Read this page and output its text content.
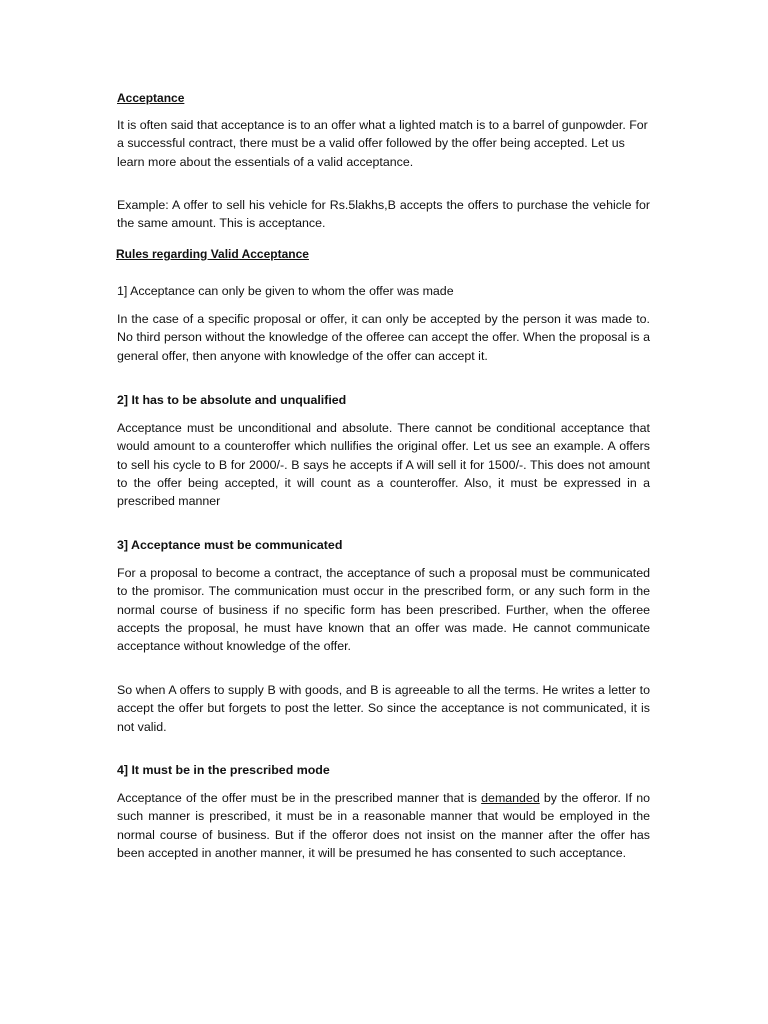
Acceptance

It is often said that acceptance is to an offer what a lighted match is to a barrel of gunpowder. For a successful contract, there must be a valid offer followed by the offer being accepted. Let us learn more about the essentials of a valid acceptance.

Example: A offer to sell his vehicle for Rs.5lakhs,B accepts the offers to purchase the vehicle for the same amount. This is acceptance.

Rules regarding Valid Acceptance

1] Acceptance can only be given to whom the offer was made

In the case of a specific proposal or offer, it can only be accepted by the person it was made to. No third person without the knowledge of the offeree can accept the offer. When the proposal is a general offer, then anyone with knowledge of the offer can accept it.

2] It has to be absolute and unqualified

Acceptance must be unconditional and absolute. There cannot be conditional acceptance that would amount to a counteroffer which nullifies the original offer. Let us see an example. A offers to sell his cycle to B for 2000/-. B says he accepts if A will sell it for 1500/-. This does not amount to the offer being accepted, it will count as a counteroffer. Also, it must be expressed in a prescribed manner

3] Acceptance must be communicated

For a proposal to become a contract, the acceptance of such a proposal must be communicated to the promisor. The communication must occur in the prescribed form, or any such form in the normal course of business if no specific form has been prescribed. Further, when the offeree accepts the proposal, he must have known that an offer was made. He cannot communicate acceptance without knowledge of the offer.

So when A offers to supply B with goods, and B is agreeable to all the terms. He writes a letter to accept the offer but forgets to post the letter. So since the acceptance is not communicated, it is not valid.

4] It must be in the prescribed mode

Acceptance of the offer must be in the prescribed manner that is demanded by the offeror. If no such manner is prescribed, it must be in a reasonable manner that would be employed in the normal course of business. But if the offeror does not insist on the manner after the offer has been accepted in another manner, it will be presumed he has consented to such acceptance.
